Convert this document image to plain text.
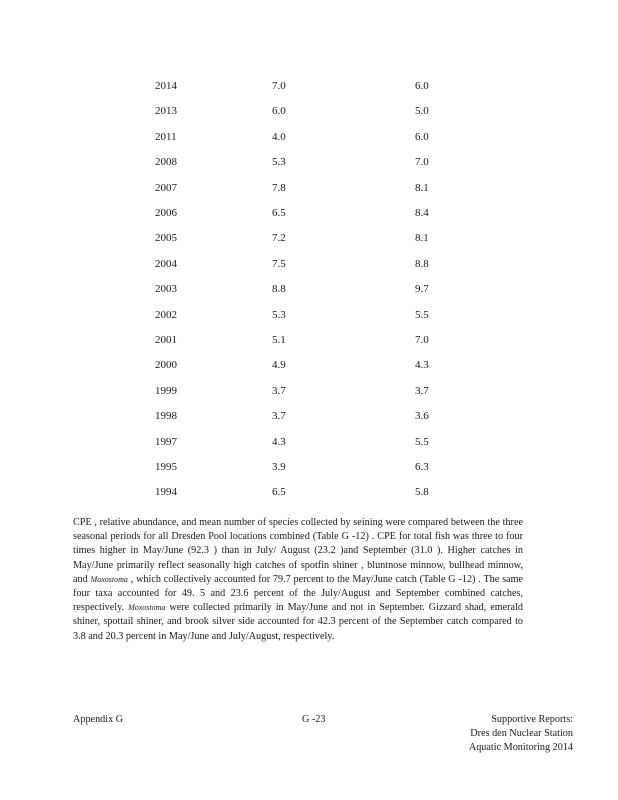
2014	7.0	6.0
2013	6.0	5.0
2011	4.0	6.0
2008	5.3	7.0
2007	7.8	8.1
2006	6.5	8.4
2005	7.2	8.1
2004	7.5	8.8
2003	8.8	9.7
2002	5.3	5.5
2001	5.1	7.0
2000	4.9	4.3
1999	3.7	3.7
1998	3.7	3.6
1997	4.3	5.5
1995	3.9	6.3
1994	6.5	5.8

CPE , relative abundance, and mean number of species collected by seining were compared between the three seasonal periods for all Dresden Pool locations combined (Table G -12) . CPE for total fish was three to four times higher in May/June (92.3 ) than in July/ August (23.2 )and September (31.0 ). Higher catches in May/June primarily reflect seasonally high catches of spotfin shiner , bluntnose minnow, bullhead minnow, and Moxostoma , which collectively accounted for 79.7 percent to the May/June catch (Table G -12) . The same four taxa accounted for 49. 5 and 23.6 percent of the July/August and September combined catches, respectively. Moxostoma were collected primarily in May/June and not in September. Gizzard shad, emerald shiner, spottail shiner, and brook silver side accounted for 42.3 percent of the September catch compared to 3.8 and 20.3 percent in May/June and July/August, respectively.

Appendix G	G -23	Supportive Reports:
Dres den Nuclear Station
Aquatic Monitoring 2014
